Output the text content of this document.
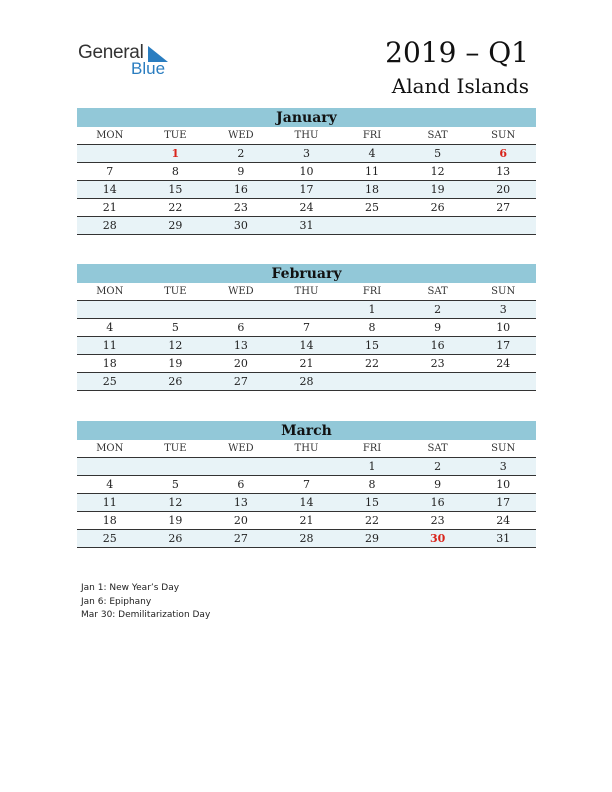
General
Blue	2019 – Q1
Aland Islands
January
MON	TUE	WED	THU	FRI	SAT	SUN
	1	2	3	4	5	6
7	8	9	10	11	12	13
14	15	16	17	18	19	20
21	22	23	24	25	26	27
28	29	30	31			
February
MON	TUE	WED	THU	FRI	SAT	SUN
				1	2	3
4	5	6	7	8	9	10
11	12	13	14	15	16	17
18	19	20	21	22	23	24
25	26	27	28			
March
MON	TUE	WED	THU	FRI	SAT	SUN
				1	2	3
4	5	6	7	8	9	10
11	12	13	14	15	16	17
18	19	20	21	22	23	24
25	26	27	28	29	30	31
Jan 1: New Year’s Day
Jan 6: Epiphany
Mar 30: Demilitarization Day
